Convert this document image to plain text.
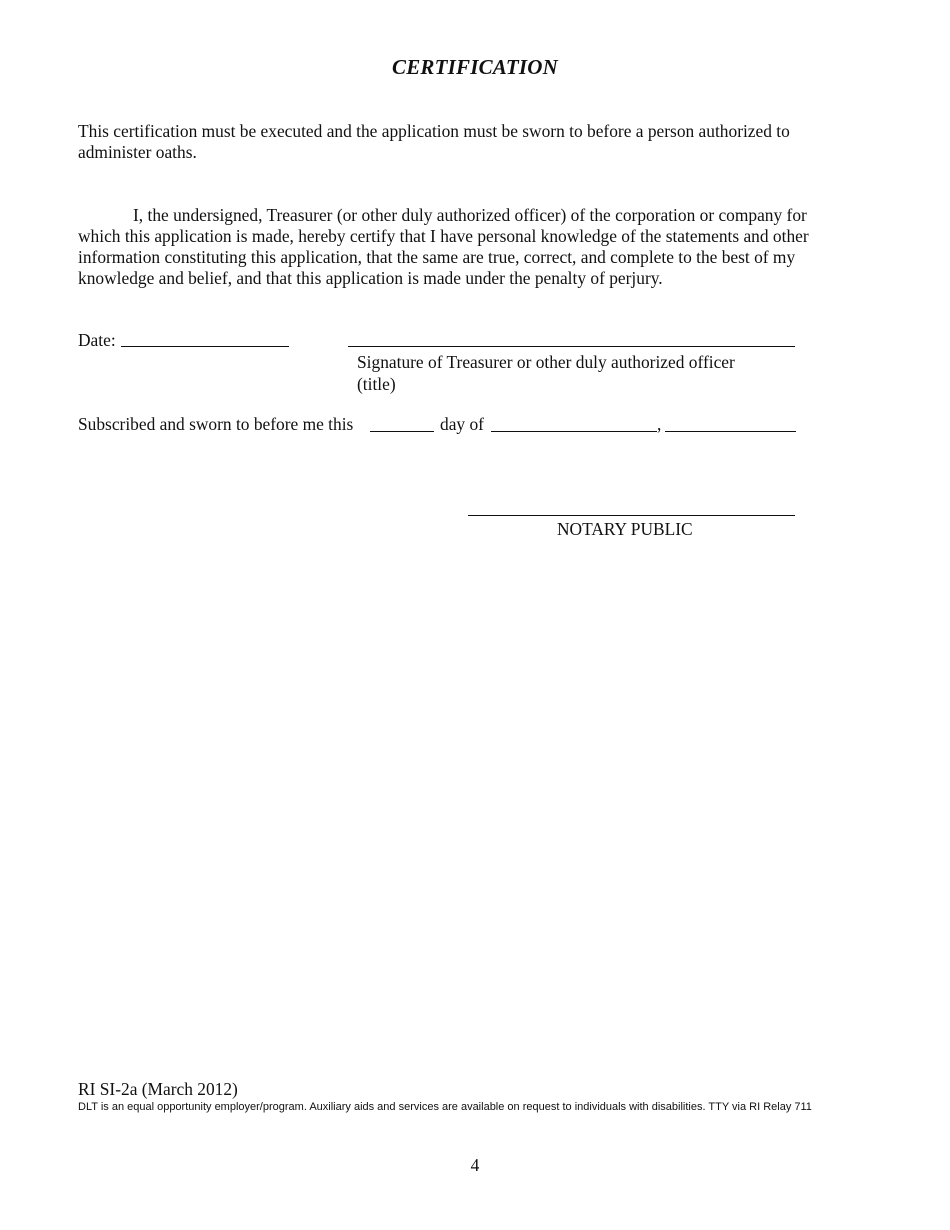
CERTIFICATION
This certification must be executed and the application must be sworn to before a person authorized to administer oaths.
I, the undersigned, Treasurer (or other duly authorized officer) of the corporation or company for which this application is made, hereby certify that I have personal knowledge of the statements and other information constituting this application, that the same are true, correct, and complete to the best of my knowledge and belief, and that this application is made under the penalty of perjury.
Date:
Signature of Treasurer or other duly authorized officer
(title)
Subscribed and sworn to before me this	day of	,
NOTARY PUBLIC
RI SI-2a (March 2012)
DLT is an equal opportunity employer/program. Auxiliary aids and services are available on request to individuals with disabilities. TTY via RI Relay 711
4
